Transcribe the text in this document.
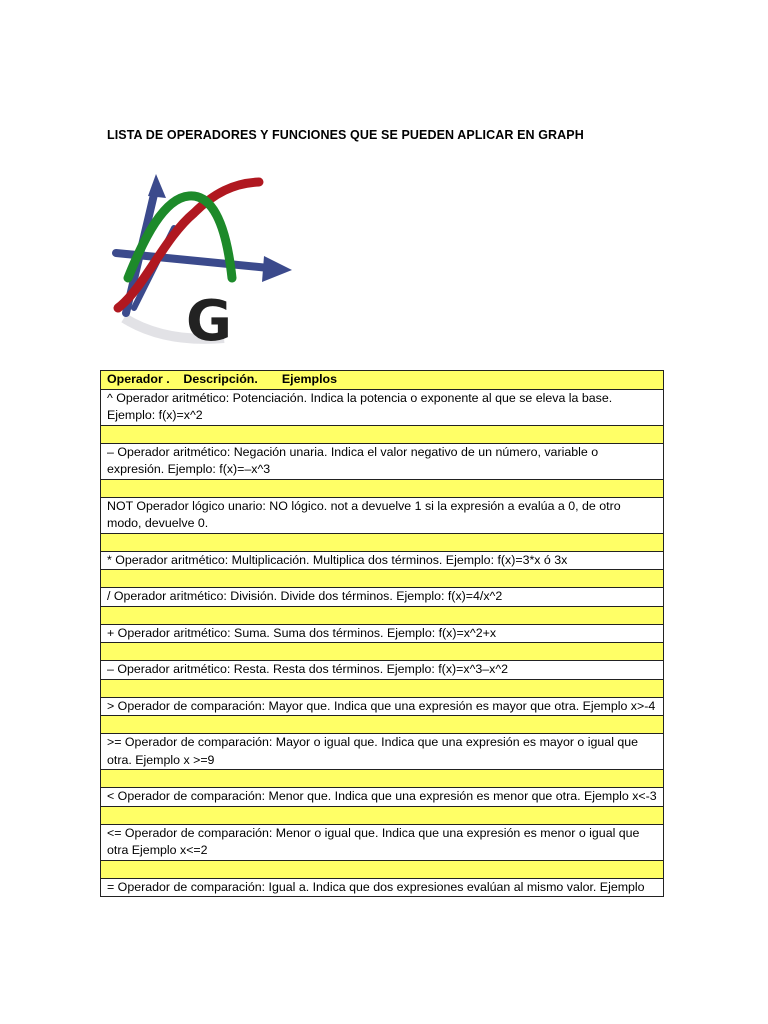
LISTA DE OPERADORES Y FUNCIONES QUE SE PUEDEN APLICAR EN GRAPH
G
Operador .    Descripción.       Ejemplos
^ Operador aritmético: Potenciación. Indica la potencia o exponente al que se eleva la base. Ejemplo: f(x)=x^2

– Operador aritmético: Negación unaria. Indica el valor negativo de un número, variable o expresión. Ejemplo: f(x)=–x^3

NOT Operador lógico unario: NO lógico. not a devuelve 1 si la expresión a evalúa a 0, de otro modo, devuelve 0.

* Operador aritmético: Multiplicación. Multiplica dos términos. Ejemplo: f(x)=3*x ó 3x

/ Operador aritmético: División. Divide dos términos. Ejemplo: f(x)=4/x^2

+ Operador aritmético: Suma. Suma dos términos. Ejemplo: f(x)=x^2+x

– Operador aritmético: Resta. Resta dos términos. Ejemplo: f(x)=x^3–x^2

> Operador de comparación: Mayor que. Indica que una expresión es mayor que otra. Ejemplo x>-4

>= Operador de comparación: Mayor o igual que. Indica que una expresión es mayor o igual que otra. Ejemplo x >=9

< Operador de comparación: Menor que. Indica que una expresión es menor que otra. Ejemplo x<-3

<= Operador de comparación: Menor o igual que. Indica que una expresión es menor o igual que otra Ejemplo x<=2

= Operador de comparación: Igual a. Indica que dos expresiones evalúan al mismo valor. Ejemplo
